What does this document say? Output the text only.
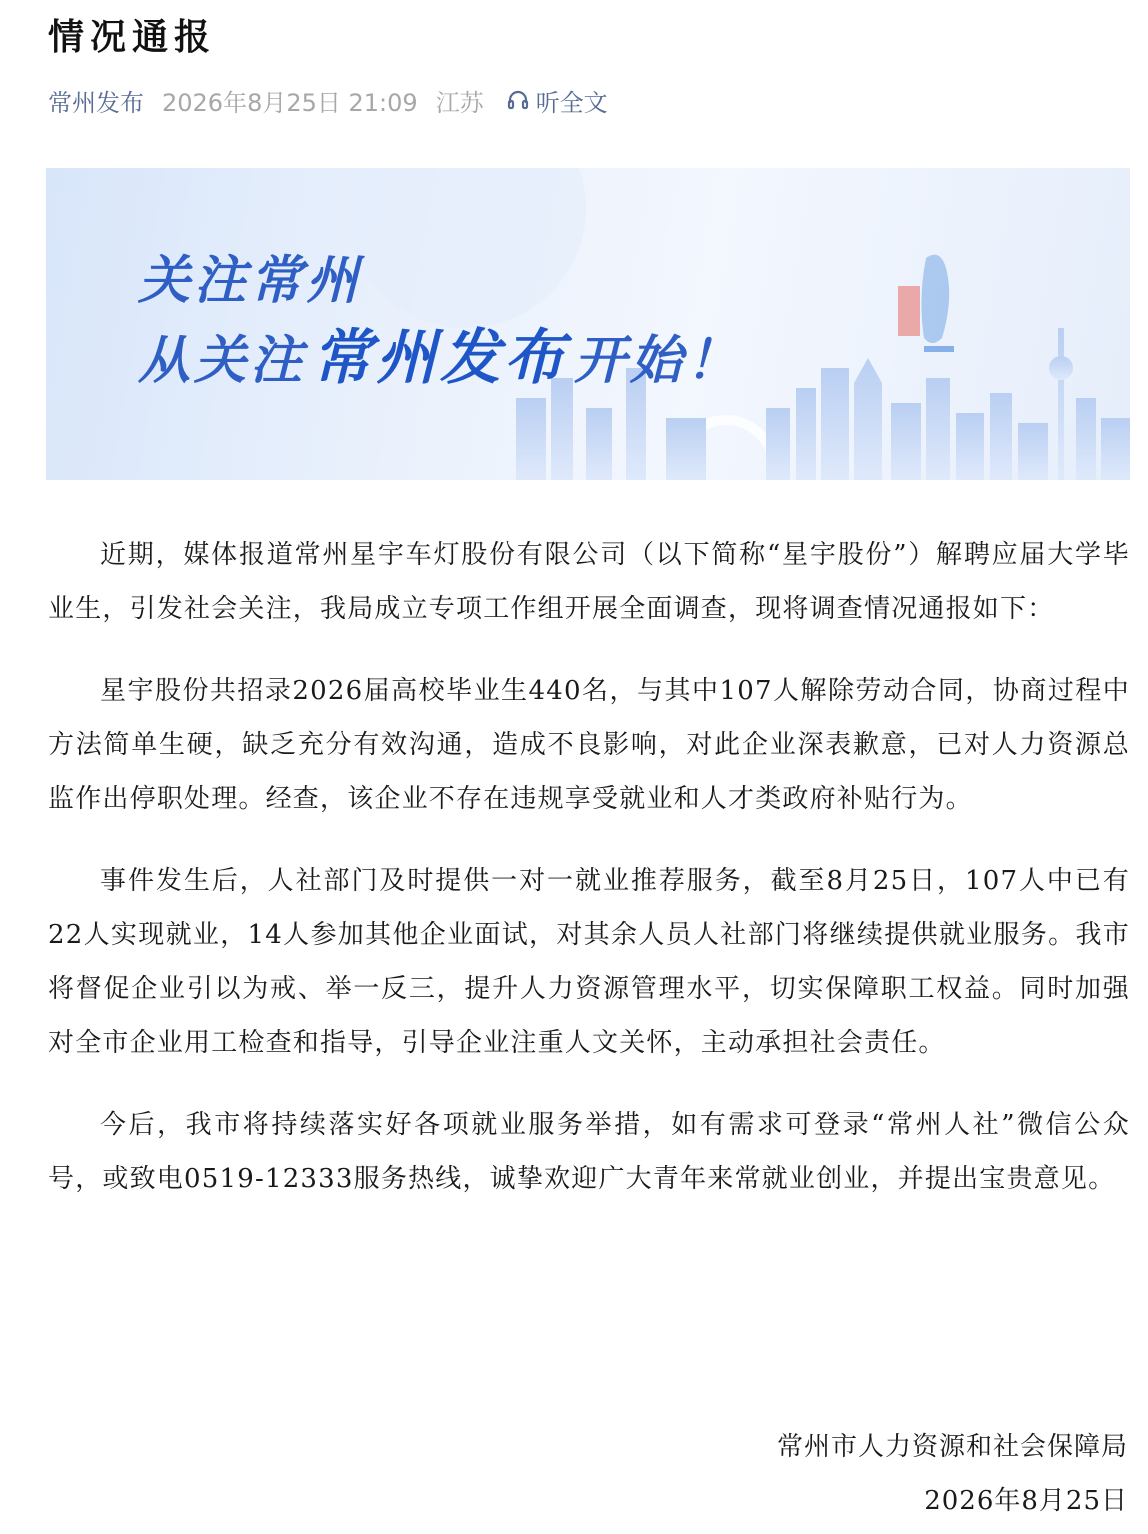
情况通报
常州发布 2026年8月25日 21:09 江苏 听全文
关注常州
从关注 常州发布 开始！

近期，媒体报道常州星宇车灯股份有限公司（以下简称“星宇股份”）解聘应届大学毕业生，引发社会关注，我局成立专项工作组开展全面调查，现将调查情况通报如下：

星宇股份共招录2026届高校毕业生440名，与其中107人解除劳动合同，协商过程中方法简单生硬，缺乏充分有效沟通，造成不良影响，对此企业深表歉意，已对人力资源总监作出停职处理。经查，该企业不存在违规享受就业和人才类政府补贴行为。

事件发生后，人社部门及时提供一对一就业推荐服务，截至8月25日，107人中已有22人实现就业，14人参加其他企业面试，对其余人员人社部门将继续提供就业服务。我市将督促企业引以为戒、举一反三，提升人力资源管理水平，切实保障职工权益。同时加强对全市企业用工检查和指导，引导企业注重人文关怀，主动承担社会责任。

今后，我市将持续落实好各项就业服务举措，如有需求可登录“常州人社”微信公众号，或致电0519-12333服务热线，诚挚欢迎广大青年来常就业创业，并提出宝贵意见。

常州市人力资源和社会保障局
2026年8月25日
